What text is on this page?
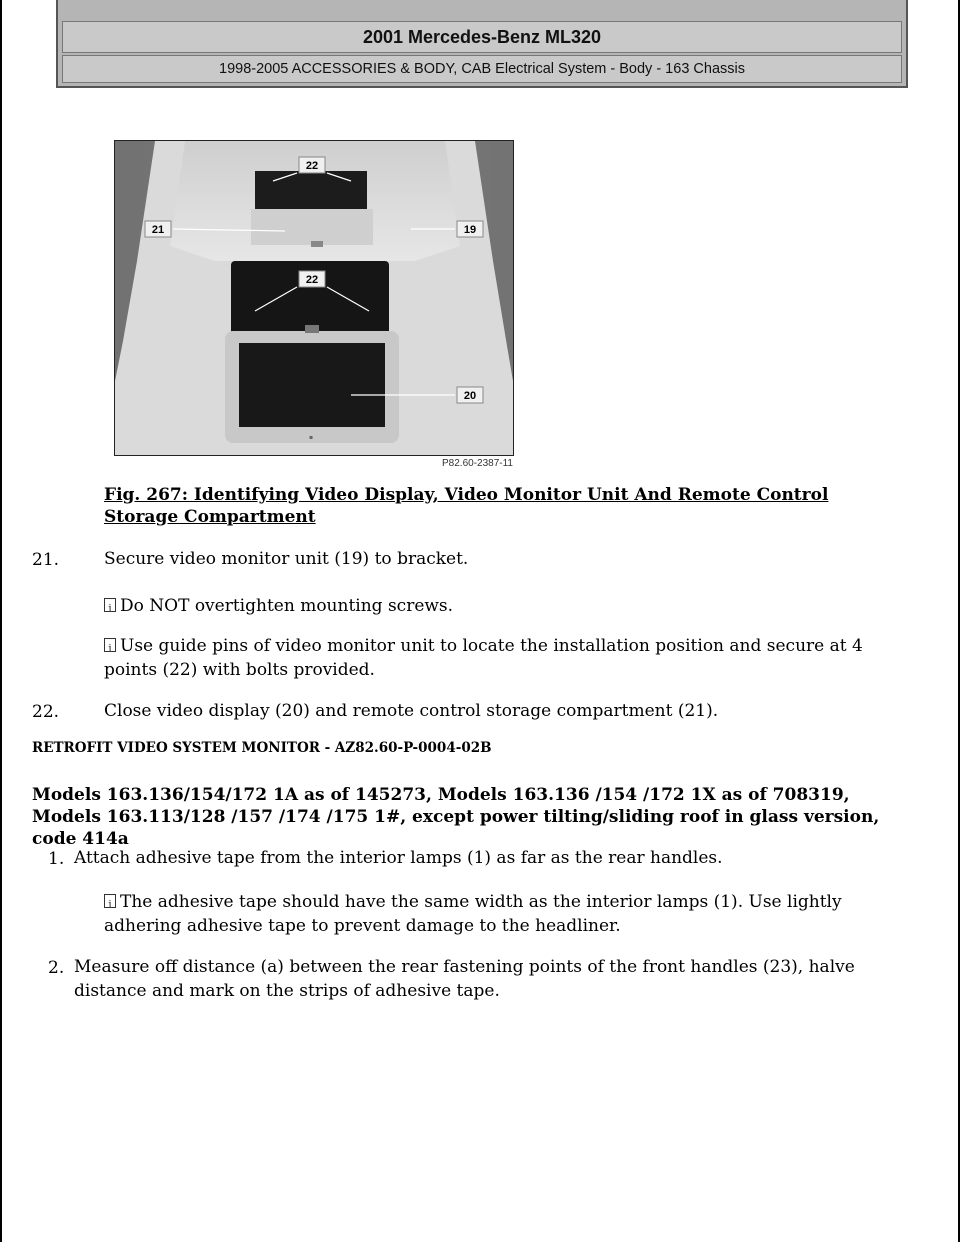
2001 Mercedes-Benz ML320
1998-2005 ACCESSORIES & BODY, CAB Electrical System - Body - 163 Chassis
▪
22
21	19
22
20
P82.60-2387-11
Fig. 267: Identifying Video Display, Video Monitor Unit And Remote Control Storage Compartment
21.	Secure video monitor unit (19) to bracket.
iDo NOT overtighten mounting screws.
iUse guide pins of video monitor unit to locate the installation position and secure at 4 points (22) with bolts provided.
22.	Close video display (20) and remote control storage compartment (21).
RETROFIT VIDEO SYSTEM MONITOR - AZ82.60-P-0004-02B
Models 163.136/154/172 1A as of 145273, Models 163.136 /154 /172 1X as of 708319, Models 163.113/128 /157 /174 /175 1#, except power tilting/sliding roof in glass version, code 414a
1. Attach adhesive tape from the interior lamps (1) as far as the rear handles.
iThe adhesive tape should have the same width as the interior lamps (1). Use lightly adhering adhesive tape to prevent damage to the headliner.
2. Measure off distance (a) between the rear fastening points of the front handles (23), halve distance and mark on the strips of adhesive tape.
